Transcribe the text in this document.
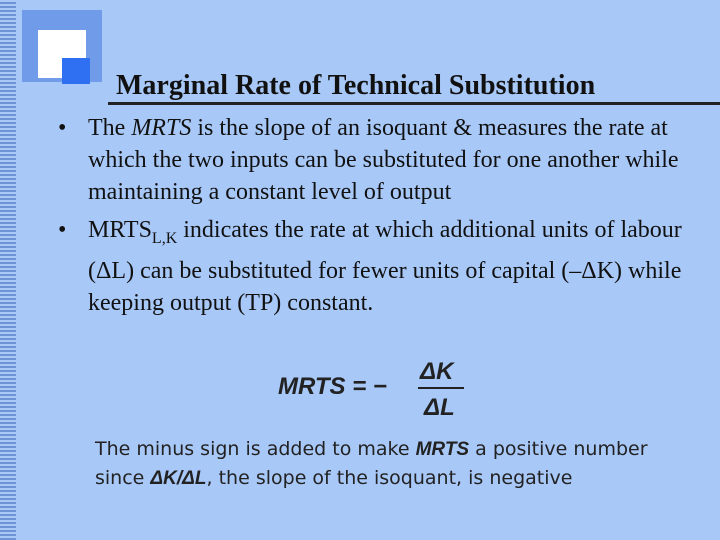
Marginal Rate of Technical Substitution
• The MRTS is the slope of an isoquant & measures the rate at which the two inputs can be substituted for one another while maintaining a constant level of output
• $MRTS_{L,K}$ indicates the rate at which additional units of labour (ΔL) can be substituted for fewer units of capital (–ΔK) while keeping output (TP) constant.
MRTS = −
ΔK
ΔL
The minus sign is added to make MRTS a positive number since ΔK/ΔL, the slope of the isoquant, is negative
